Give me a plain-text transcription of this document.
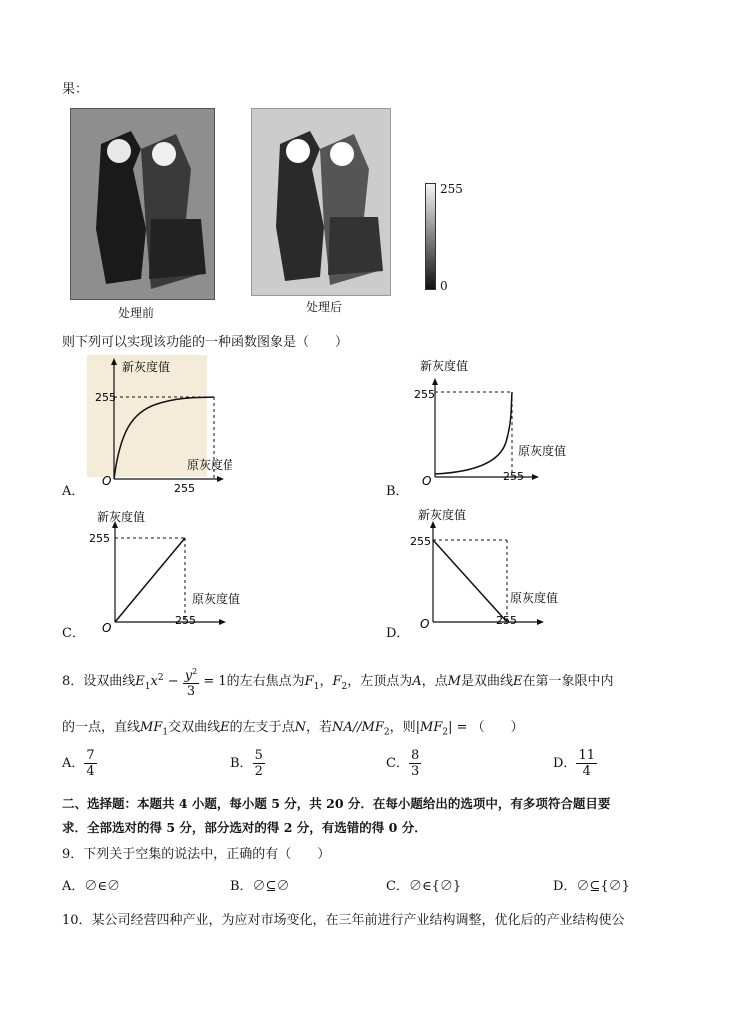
果：
处理前	处理后
255
0
则下列可以实现该功能的一种函数图象是（　　）
新灰度值
255
原灰度值
255
O
A．
新灰度值
255
原灰度值
255
O
B．
新灰度值
255
原灰度值
255
O
C．
新灰度值
255
原灰度值
255
O
D．
8．设双曲线$E_1x^2 - \frac{y^2}{3} = 1$的左右焦点为$F_1$，$F_2$，左顶点为A，点M是双曲线E在第一象限中内
的一点，直线$MF_1$交双曲线E的左支于点N，若$NA//MF_2$，则$|MF_2|$ = （　　）
A． $\frac{7}{4}$	B． $\frac{5}{2}$	C． $\frac{8}{3}$	D． $\frac{11}{4}$
二、选择题：本题共 4 小题，每小题 5 分，共 20 分．在每小题给出的选项中，有多项符合题目要
求．全部选对的得 5 分，部分选对的得 2 分，有选错的得 0 分．
9．下列关于空集的说法中，正确的有（　　）
A．∅∈∅	B．∅⊆∅	C．∅∈{∅}	D．∅⊆{∅}
10．某公司经营四种产业，为应对市场变化，在三年前进行产业结构调整，优化后的产业结构使公
